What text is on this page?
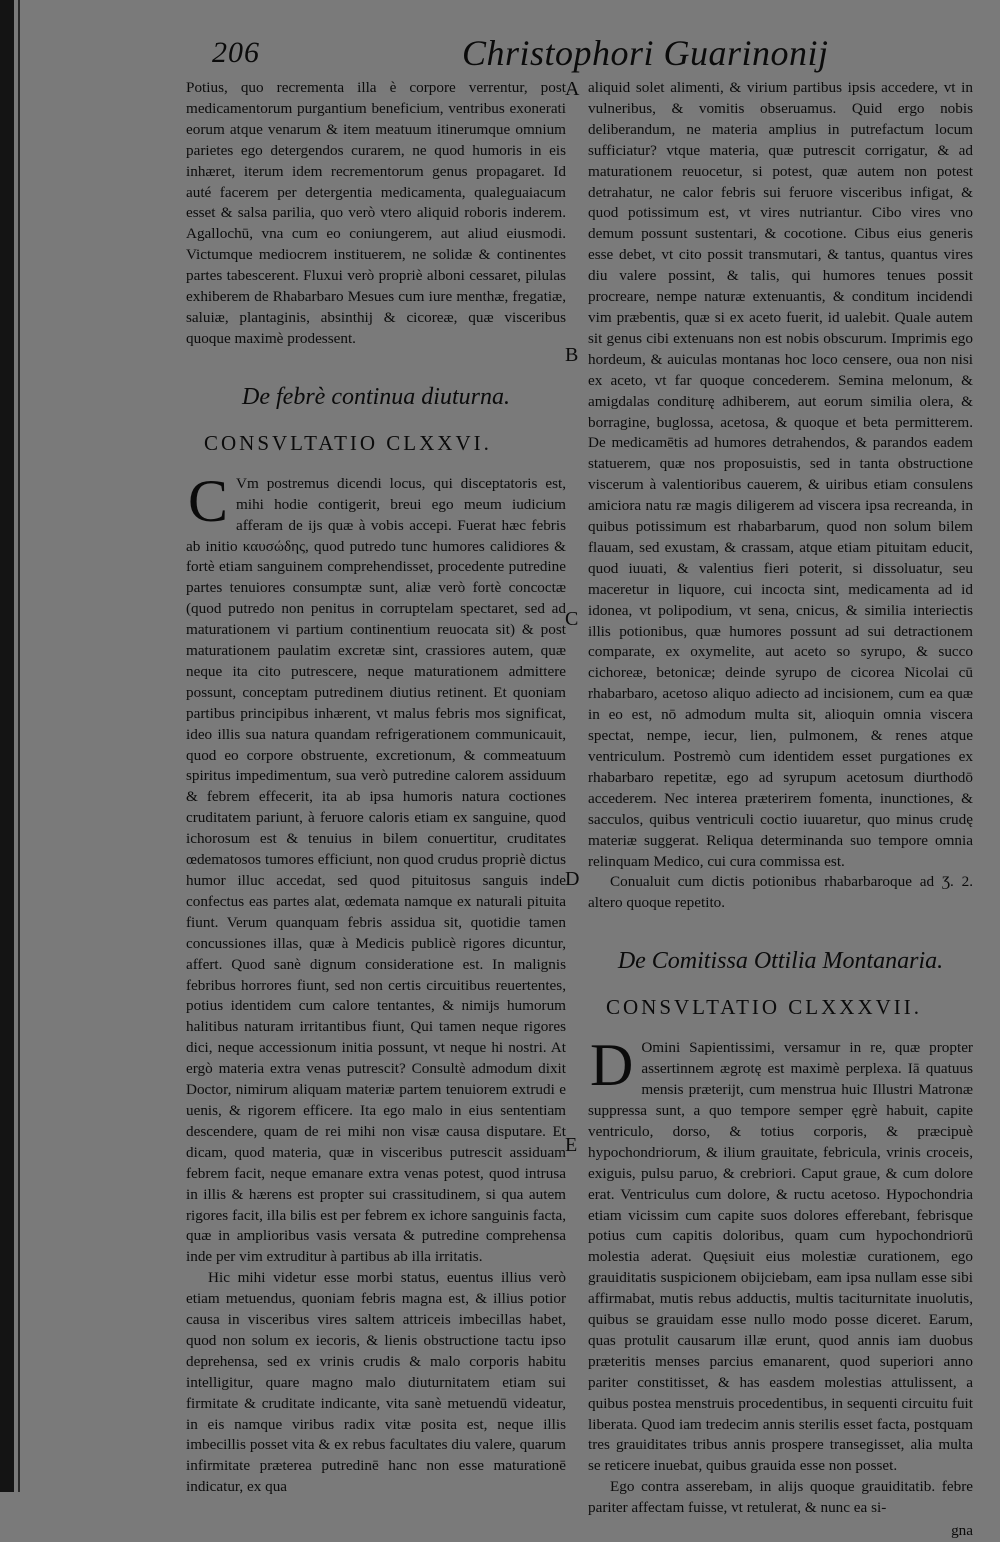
206	Christophori Guarinonij
A
B
C
D
E

Potius, quo recrementa illa è corpore verrentur, post medicamentorum purgantium beneficium, ventribus exonerati eorum atque venarum & item meatuum itinerumque omnium parietes ego detergendos curarem, ne quod humoris in eis inhæret, iterum idem recrementorum genus propagaret. Id auté facerem per detergentia medicamenta, qualeguaiacum esset & salsa parilia, quo verò vtero aliquid roboris inderem. Agallochū, vna cum eo coniungerem, aut aliud eiusmodi. Victumque mediocrem instituerem, ne solidæ & continentes partes tabescerent. Fluxui verò propriè alboni cessaret, pilulas exhiberem de Rhabarbaro Mesues cum iure menthæ, fregatiæ, saluiæ, plantaginis, absinthij & cicoreæ, quæ visceribus quoque maximè prodessent.

De febrè continua diuturna.
CONSVLTATIO CLXXVI.

C Vm postremus dicendi locus, qui disceptatoris est, mihi hodie contigerit, breui ego meum iudicium afferam de ijs quæ à vobis accepi. Fuerat hæc febris ab initio καυσώδης, quod putredo tunc humores calidiores & fortè etiam sanguinem comprehendisset, procedente putredine partes tenuiores consumptæ sunt, aliæ verò fortè concoctæ (quod putredo non penitus in corruptelam spectaret, sed ad maturationem vi partium continentium reuocata sit) & post maturationem paulatim excretæ sint, crassiores autem, quæ neque ita cito putrescere, neque maturationem admittere possunt, conceptam putredinem diutius retinent. Et quoniam partibus principibus inhærent, vt malus febris mos significat, ideo illis sua natura quandam refrigerationem communicauit, quod eo corpore obstruente, excretionum, & commeatuum spiritus impedimentum, sua verò putredine calorem assiduum & febrem effecerit, ita ab ipsa humoris natura coctiones cruditatem pariunt, à feruore caloris etiam ex sanguine, quod ichorosum est & tenuius in bilem conuertitur, cruditates œdematosos tumores efficiunt, non quod crudus propriè dictus humor illuc accedat, sed quod pituitosus sanguis inde confectus eas partes alat, œdemata namque ex naturali pituita fiunt. Verum quanquam febris assidua sit, quotidie tamen concussiones illas, quæ à Medicis publicè rigores dicuntur, affert. Quod sanè dignum consideratione est. In malignis febribus horrores fiunt, sed non certis circuitibus reuertentes, potius identidem cum calore tentantes, & nimijs humorum halitibus naturam irritantibus fiunt, Qui tamen neque rigores dici, neque accessionum initia possunt, vt neque hi nostri. At ergò materia extra venas putrescit? Consultè admodum dixit Doctor, nimirum aliquam materiæ partem tenuiorem extrudi e uenis, & rigorem efficere. Ita ego malo in eius sententiam descendere, quam de rei mihi non visæ causa disputare. Et dicam, quod materia, quæ in visceribus putrescit assiduam febrem facit, neque emanare extra venas potest, quod intrusa in illis & hærens est propter sui crassitudinem, si qua autem rigores facit, illa bilis est per febrem ex ichore sanguinis facta, quæ in amplioribus vasis versata & putredine comprehensa inde per vim extruditur à partibus ab illa irritatis.

Hic mihi videtur esse morbi status, euentus illius verò etiam metuendus, quoniam febris magna est, & illius potior causa in visceribus vires saltem attriceis imbecillas habet, quod non solum ex iecoris, & lienis obstructione tactu ipso deprehensa, sed ex vrinis crudis & malo corporis habitu intelligitur, quare magno malo diuturnitatem etiam sui firmitate & cruditate indicante, vita sanè metuendū videatur, in eis namque viribus radix vitæ posita est, neque illis imbecillis posset vita & ex rebus facultates diu valere, quarum infirmitate præterea putredinē hanc non esse maturationē indicatur, ex qua

aliquid solet alimenti, & virium partibus ipsis accedere, vt in vulneribus, & vomitis obseruamus. Quid ergo nobis deliberandum, ne materia amplius in putrefactum locum sufficiatur? vtque materia, quæ putrescit corrigatur, & ad maturationem reuocetur, si potest, quæ autem non potest detrahatur, ne calor febris sui feruore visceribus infigat, & quod potissimum est, vt vires nutriantur. Cibo vires vno demum possunt sustentari, & cocotione. Cibus eius generis esse debet, vt cito possit transmutari, & tantus, quantus vires diu valere possint, & talis, qui humores tenues possit procreare, nempe naturæ extenuantis, & conditum incidendi vim præbentis, quæ si ex aceto fuerit, id ualebit. Quale autem sit genus cibi extenuans non est nobis obscurum. Imprimis ego hordeum, & auiculas montanas hoc loco censere, oua non nisi ex aceto, vt far quoque concederem. Semina melonum, & amigdalas conditurę adhiberem, aut eorum similia olera, & borragine, buglossa, acetosa, & quoque et beta permitterem. De medicamētis ad humores detrahendos, & parandos eadem statuerem, quæ nos proposuistis, sed in tanta obstructione viscerum à valentioribus cauerem, & uiribus etiam consulens amiciora natu ræ magis diligerem ad viscera ipsa recreanda, in quibus potissimum est rhabarbarum, quod non solum bilem flauam, sed exustam, & crassam, atque etiam pituitam educit, quod iuuati, & valentius fieri poterit, si dissoluatur, seu maceretur in liquore, cui incocta sint, medicamenta ad id idonea, vt polipodium, vt sena, cnicus, & similia interiectis illis potionibus, quæ humores possunt ad sui detractionem comparate, ex oxymelite, aut aceto so syrupo, & succo cichoreæ, betonicæ; deinde syrupo de cicorea Nicolai cū rhabarbaro, acetoso aliquo adiecto ad incisionem, cum ea quæ in eo est, nō admodum multa sit, alioquin omnia viscera spectat, nempe, iecur, lien, pulmonem, & renes atque ventriculum. Postremò cum identidem esset purgationes ex rhabarbaro repetitæ, ego ad syrupum acetosum diurthodō accederem. Nec interea præterirem fomenta, inunctiones, & sacculos, quibus ventriculi coctio iuuaretur, quo minus crudę materiæ suggerat. Reliqua determinanda suo tempore omnia relinquam Medico, cui cura commissa est.

Conualuit cum dictis potionibus rhabarbaroque ad Ʒ. 2. altero quoque repetito.

De Comitissa Ottilia Montanaria.
CONSVLTATIO CLXXXVII.

D Omini Sapientissimi, versamur in re, quæ propter assertinnem ægrotę est maximè perplexa. Iā quatuus mensis præterijt, cum menstrua huic Illustri Matronæ suppressa sunt, a quo tempore semper ęgrè habuit, capite ventriculo, dorso, & totius corporis, & præcipuè hypochondriorum, & ilium grauitate, febricula, vrinis croceis, exiguis, pulsu paruo, & crebriori. Caput graue, & cum dolore erat. Ventriculus cum dolore, & ructu acetoso. Hypochondria etiam vicissim cum capite suos dolores efferebant, febrisque potius cum capitis doloribus, quam cum hypochondriorū molestia aderat. Quęsiuit eius molestiæ curationem, ego grauiditatis suspicionem obijciebam, eam ipsa nullam esse sibi affirmabat, mutis rebus adductis, multis taciturnitate inuolutis, quibus se grauidam esse nullo modo posse diceret. Earum, quas protulit causarum illæ erunt, quod annis iam duobus præteritis menses parcius emanarent, quod superiori anno pariter constitisset, & has easdem molestias attulissent, a quibus postea menstruis procedentibus, in sequenti circuitu fuit liberata. Quod iam tredecim annis sterilis esset facta, postquam tres grauiditates tribus annis prospere transegisset, alia multa se reticere inuebat, quibus grauida esse non posset.

Ego contra asserebam, in alijs quoque grauiditatib. febre pariter affectam fuisse, vt retulerat, & nunc ea si-

gna
